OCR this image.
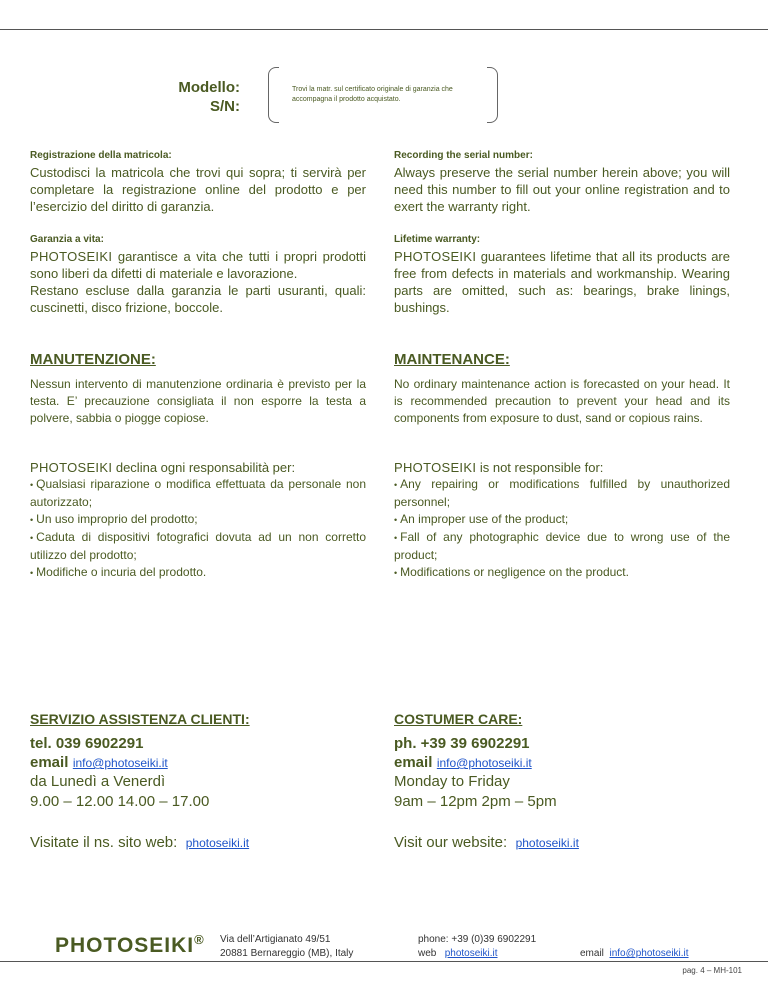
Modello:
S/N:
Trovi la matr. sul certificato originale di garanzia che accompagna il prodotto acquistato.
Registrazione della matricola:
Custodisci la matricola che trovi qui sopra; ti servirà per completare la registrazione online del prodotto e per l’esercizio del diritto di garanzia.
Garanzia a vita:
PHOTOSEIKI garantisce a vita che tutti i propri prodotti sono liberi da difetti di materiale e lavorazione.
Restano escluse dalla garanzia le parti usuranti, quali: cuscinetti, disco frizione, boccole.
MANUTENZIONE:
Nessun intervento di manutenzione ordinaria è previsto per la testa. E’ precauzione consigliata il non esporre la testa a polvere, sabbia o piogge copiose.
PHOTOSEIKI declina ogni responsabilità per:
• Qualsiasi riparazione o modifica effettuata da personale non autorizzato;
• Un uso improprio del prodotto;
• Caduta di dispositivi fotografici dovuta ad un non corretto utilizzo del prodotto;
• Modifiche o incuria del prodotto.
SERVIZIO ASSISTENZA CLIENTI:
tel. 039 6902291
email info@photoseiki.it
da Lunedì a Venerdì
9.00 – 12.00 14.00 – 17.00
Visitate il ns. sito web: photoseiki.it
Recording the serial number:
Always preserve the serial number herein above; you will need this number to fill out your online registration and to exert the warranty right.
Lifetime warranty:
PHOTOSEIKI guarantees lifetime that all its products are free from defects in materials and workmanship. Wearing parts are omitted, such as: bearings, brake linings, bushings.
MAINTENANCE:
No ordinary maintenance action is forecasted on your head. It is recommended precaution to prevent your head and its components from exposure to dust, sand or copious rains.
PHOTOSEIKI is not responsible for:
• Any repairing or modifications fulfilled by unauthorized personnel;
• An improper use of the product;
• Fall of any photographic device due to wrong use of the product;
• Modifications or negligence on the product.
COSTUMER CARE:
ph. +39 39 6902291
email info@photoseiki.it
Monday to Friday
9am – 12pm 2pm – 5pm
Visit our website: photoseiki.it
PHOTOSEIKI® Via dell’Artigianato 49/51
20881 Bernareggio (MB), Italy
phone: +39 (0)39 6902291
web photoseiki.it	email info@photoseiki.it
pag. 4 – MH-101
